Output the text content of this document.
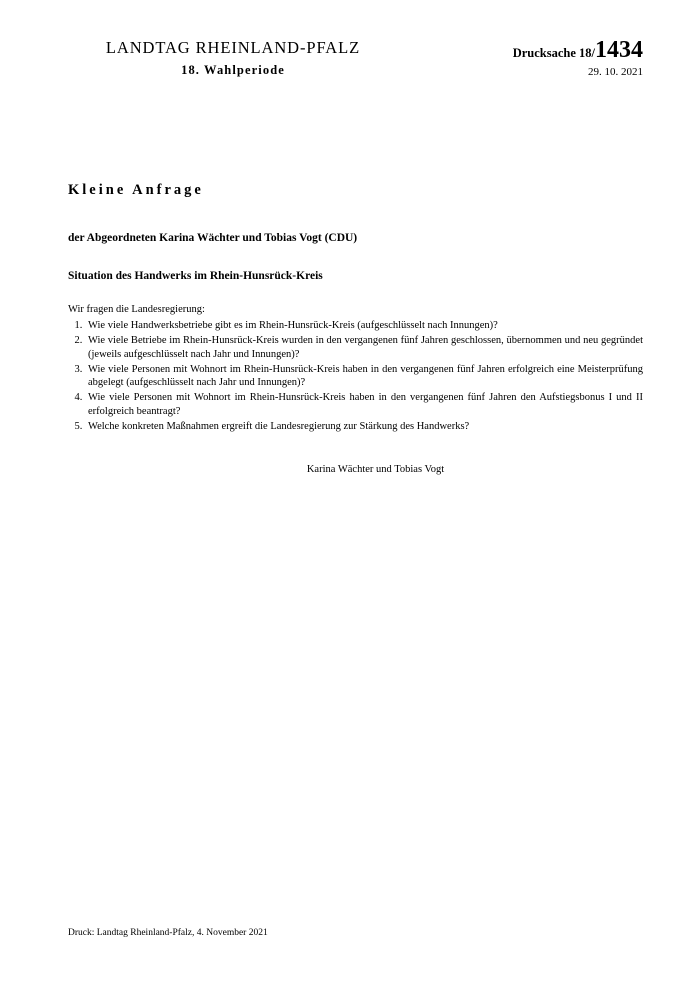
LANDTAG RHEINLAND-PFALZ
18. Wahlperiode
Drucksache 18/ 1434
29. 10. 2021
Kleine Anfrage
der Abgeordneten Karina Wächter und Tobias Vogt (CDU)
Situation des Handwerks im Rhein-Hunsrück-Kreis
Wir fragen die Landesregierung:
1. Wie viele Handwerksbetriebe gibt es im Rhein-Hunsrück-Kreis (aufgeschlüsselt nach Innungen)?
2. Wie viele Betriebe im Rhein-Hunsrück-Kreis wurden in den vergangenen fünf Jahren geschlossen, übernommen und neu gegründet (jeweils aufgeschlüsselt nach Jahr und Innungen)?
3. Wie viele Personen mit Wohnort im Rhein-Hunsrück-Kreis haben in den vergangenen fünf Jahren erfolgreich eine Meisterprüfung abgelegt (aufgeschlüsselt nach Jahr und Innungen)?
4. Wie viele Personen mit Wohnort im Rhein-Hunsrück-Kreis haben in den vergangenen fünf Jahren den Aufstiegsbonus I und II erfolgreich beantragt?
5. Welche konkreten Maßnahmen ergreift die Landesregierung zur Stärkung des Handwerks?
Karina Wächter und Tobias Vogt
Druck: Landtag Rheinland-Pfalz, 4. November 2021
